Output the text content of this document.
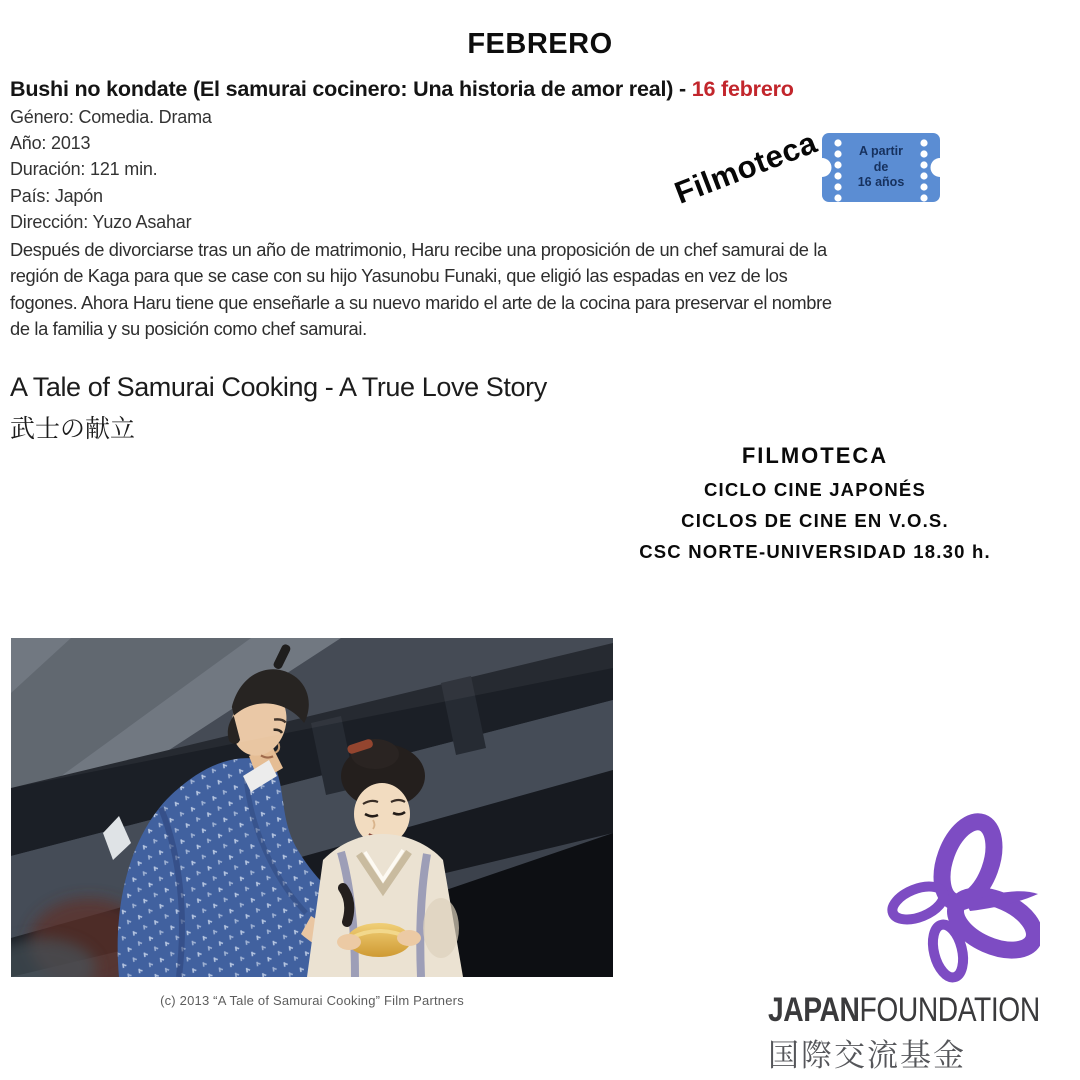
FEBRERO
Bushi no kondate (El samurai cocinero: Una historia de amor real) - 16 febrero
Género: Comedia. Drama
Año: 2013
Duración: 121 min.
País: Japón
Dirección: Yuzo Asahar
Después de divorciarse tras un año de matrimonio, Haru recibe una proposición de un chef samurai de la región de Kaga para que se case con su hijo Yasunobu Funaki, que eligió las espadas en vez de los fogones. Ahora Haru tiene que enseñarle a su nuevo marido el arte de la cocina para preservar el nombre de la familia y su posición como chef samurai.
A Tale of Samurai Cooking - A True Love Story
武士の献立
Filmoteca	A partir
de
16 años
FILMOTECA
CICLO CINE JAPONÉS
CICLOS DE CINE EN V.O.S.
CSC NORTE-UNIVERSIDAD 18.30 h.
(c) 2013 “A Tale of Samurai Cooking” Film Partners	JAPANFOUNDATION
国際交流基金
